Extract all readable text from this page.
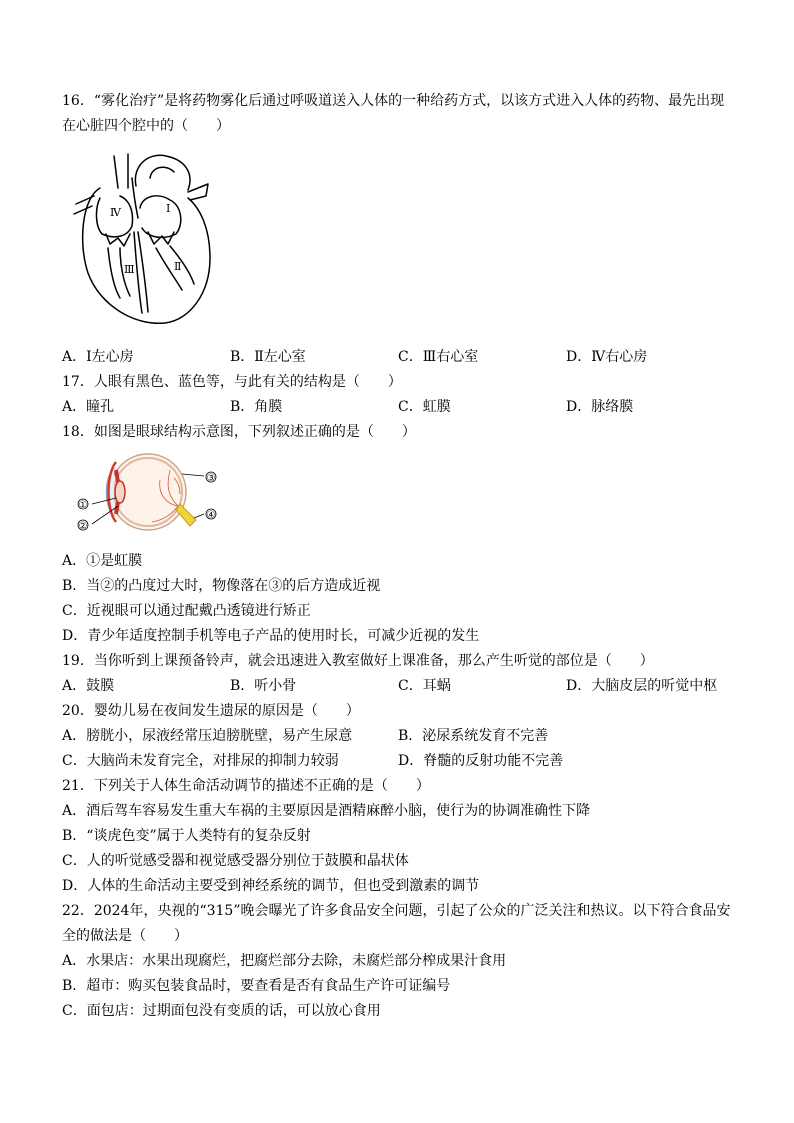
16．“雾化治疗”是将药物雾化后通过呼吸道送入人体的一种给药方式，以该方式进入人体的药物、最先出现
在心脏四个腔中的（　　）
Ⅳ	Ⅰ
Ⅲ	Ⅱ
A．Ⅰ左心房	B．Ⅱ左心室	C．Ⅲ右心室	D．Ⅳ右心房
17．人眼有黑色、蓝色等，与此有关的结构是（　　）
A．瞳孔	B．角膜	C．虹膜	D．脉络膜
18．如图是眼球结构示意图，下列叙述正确的是（　　）
③
①
④
②
A．①是虹膜
B．当②的凸度过大时，物像落在③的后方造成近视
C．近视眼可以通过配戴凸透镜进行矫正
D．青少年适度控制手机等电子产品的使用时长，可减少近视的发生
19．当你听到上课预备铃声，就会迅速进入教室做好上课准备，那么产生听觉的部位是（　　）
A．鼓膜	B．听小骨	C．耳蜗	D．大脑皮层的听觉中枢
20．婴幼儿易在夜间发生遗尿的原因是（　　）
A．膀胱小，尿液经常压迫膀胱壁，易产生尿意	B．泌尿系统发育不完善
C．大脑尚未发育完全，对排尿的抑制力较弱	D．脊髓的反射功能不完善
21．下列关于人体生命活动调节的描述不正确的是（　　）
A．酒后驾车容易发生重大车祸的主要原因是酒精麻醉小脑，使行为的协调准确性下降
B．“谈虎色变”属于人类特有的复杂反射
C．人的听觉感受器和视觉感受器分别位于鼓膜和晶状体
D．人体的生命活动主要受到神经系统的调节，但也受到激素的调节
22．2024年，央视的“315”晚会曝光了许多食品安全问题，引起了公众的广泛关注和热议。以下符合食品安
全的做法是（　　）
A．水果店：水果出现腐烂，把腐烂部分去除，未腐烂部分榨成果汁食用
B．超市：购买包装食品时，要查看是否有食品生产许可证编号
C．面包店：过期面包没有变质的话，可以放心食用
